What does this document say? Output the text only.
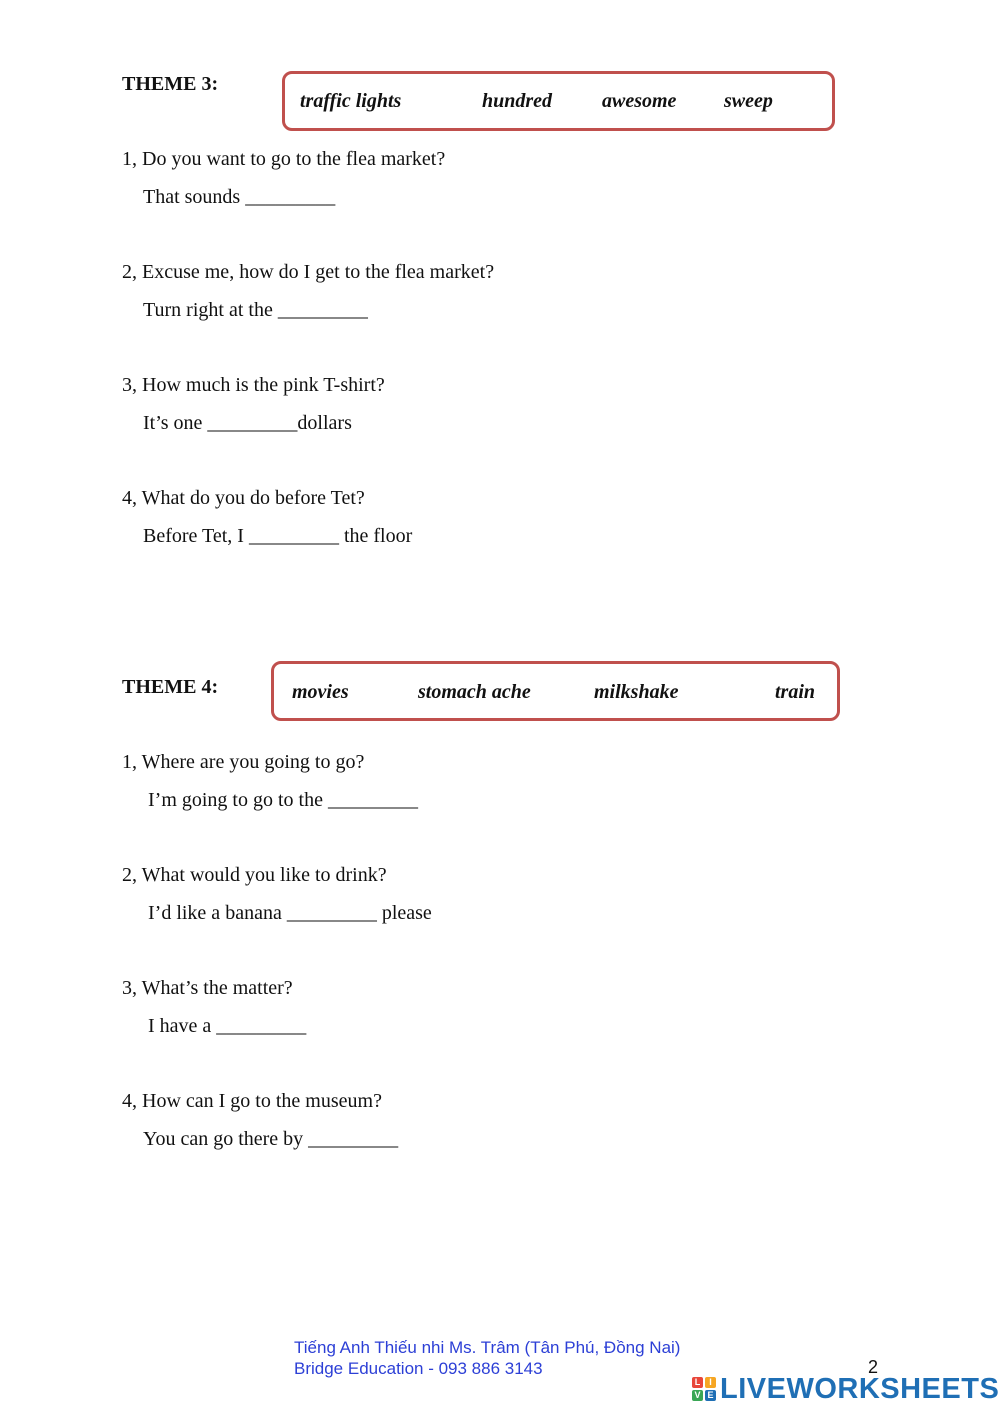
THEME 3:
traffic lights	hundred awesome sweep
1, Do you want to go to the flea market?
That sounds _________
2, Excuse me, how do I get to the flea market?
Turn right at the _________
3, How much is the pink T-shirt?
It’s one _________dollars
4, What do you do before Tet?
Before Tet, I _________ the floor
THEME 4:	movies	stomach ache	milkshake	train
1, Where are you going to go?
I’m going to go to the _________
2, What would you like to drink?
I’d like a banana _________ please
3, What’s the matter?
I have a _________
4, How can I go to the museum?
You can go there by _________
Tiếng Anh Thiếu nhi Ms. Trâm (Tân Phú, Đồng Nai)
Bridge Education - 093 886 3143	2
L I
V E LIVEWORKSHEETS
